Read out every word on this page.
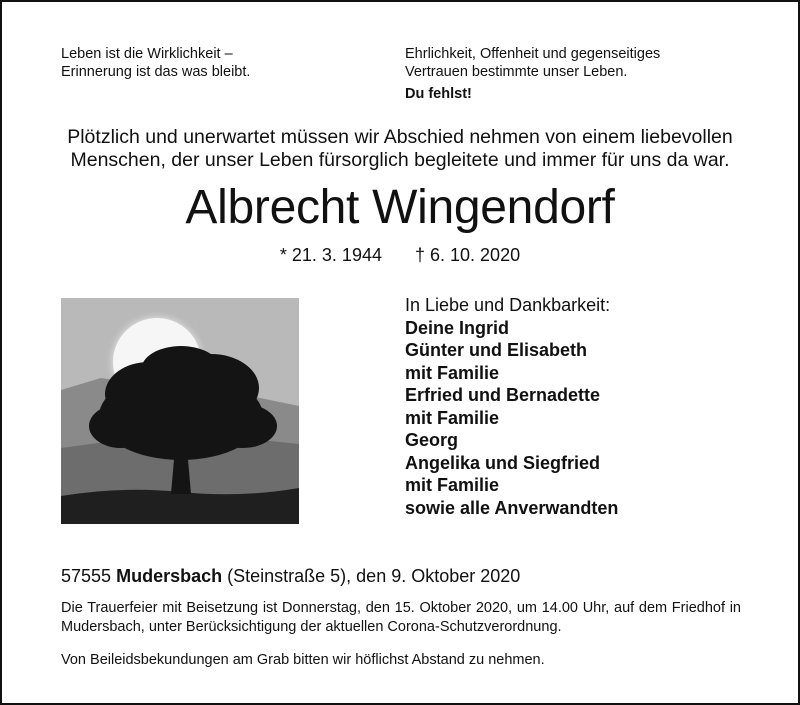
Leben ist die Wirklichkeit –
Erinnerung ist das was bleibt.
Ehrlichkeit, Offenheit und gegenseitiges
Vertrauen bestimmte unser Leben.
Du fehlst!
Plötzlich und unerwartet müssen wir Abschied nehmen von einem liebevollen
Menschen, der unser Leben fürsorglich begleitete und immer für uns da war.
Albrecht Wingendorf
* 21. 3. 1944 † 6. 10. 2020
In Liebe und Dankbarkeit:
Deine Ingrid
Günter und Elisabeth
mit Familie
Erfried und Bernadette
mit Familie
Georg
Angelika und Siegfried
mit Familie
sowie alle Anverwandten
57555 Mudersbach (Steinstraße 5), den 9. Oktober 2020
Die Trauerfeier mit Beisetzung ist Donnerstag, den 15. Oktober 2020, um 14.00 Uhr, auf dem Friedhof in Mudersbach, unter Berücksichtigung der aktuellen Corona-Schutzverordnung.
Von Beileidsbekundungen am Grab bitten wir höflichst Abstand zu nehmen.
